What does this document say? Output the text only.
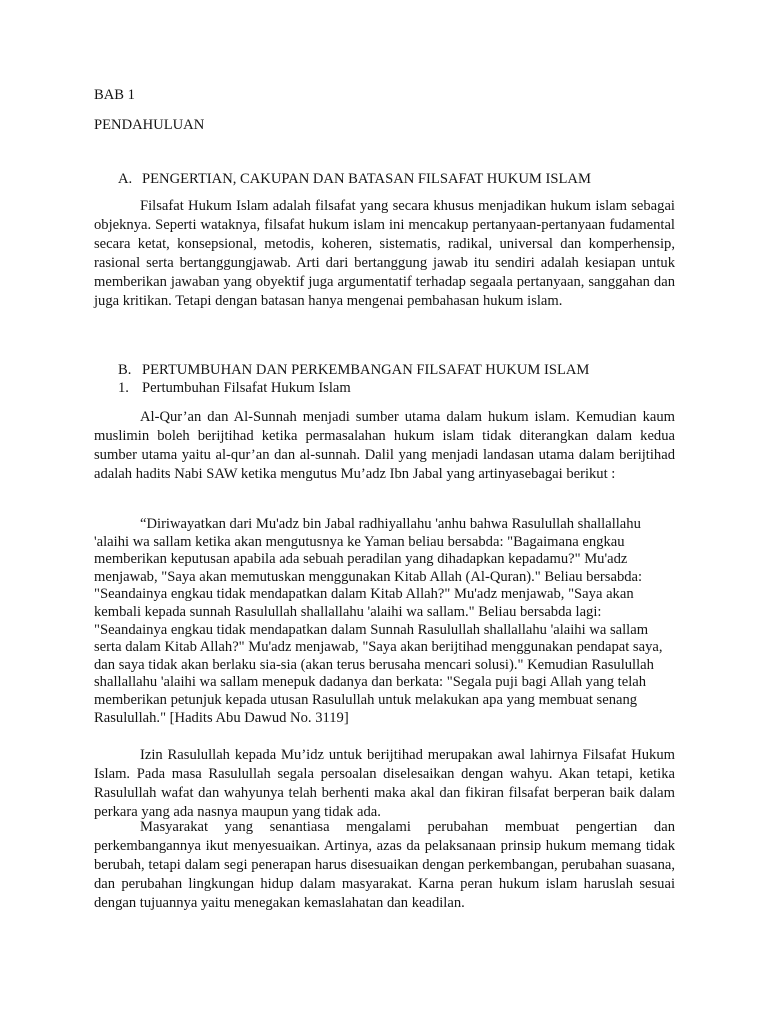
BAB 1

PENDAHULUAN

A. PENGERTIAN, CAKUPAN DAN BATASAN FILSAFAT HUKUM ISLAM

Filsafat Hukum Islam adalah filsafat yang secara khusus menjadikan hukum islam sebagai objeknya. Seperti wataknya, filsafat hukum islam ini mencakup pertanyaan-pertanyaan fudamental secara ketat, konsepsional, metodis, koheren, sistematis, radikal, universal dan komperhensip, rasional serta bertanggungjawab. Arti dari bertanggung jawab itu sendiri adalah kesiapan untuk memberikan jawaban yang obyektif juga argumentatif terhadap segaala pertanyaan, sanggahan dan juga kritikan. Tetapi dengan batasan hanya mengenai pembahasan hukum islam.

B. PERTUMBUHAN DAN PERKEMBANGAN FILSAFAT HUKUM ISLAM

1. Pertumbuhan Filsafat Hukum Islam

Al-Qur’an dan Al-Sunnah menjadi sumber utama dalam hukum islam. Kemudian kaum muslimin boleh berijtihad ketika permasalahan hukum islam tidak diterangkan dalam kedua sumber utama yaitu al-qur’an dan al-sunnah. Dalil yang menjadi landasan utama dalam berijtihad adalah hadits Nabi SAW ketika mengutus Mu’adz Ibn Jabal yang artinyasebagai berikut :

“Diriwayatkan dari Mu'adz bin Jabal radhiyallahu 'anhu bahwa Rasulullah shallallahu 'alaihi wa sallam ketika akan mengutusnya ke Yaman beliau bersabda: "Bagaimana engkau memberikan keputusan apabila ada sebuah peradilan yang dihadapkan kepadamu?" Mu'adz menjawab, "Saya akan memutuskan menggunakan Kitab Allah (Al-Quran)." Beliau bersabda: "Seandainya engkau tidak mendapatkan dalam Kitab Allah?" Mu'adz menjawab, "Saya akan kembali kepada sunnah Rasulullah shallallahu 'alaihi wa sallam." Beliau bersabda lagi: "Seandainya engkau tidak mendapatkan dalam Sunnah Rasulullah shallallahu 'alaihi wa sallam serta dalam Kitab Allah?" Mu'adz menjawab, "Saya akan berijtihad menggunakan pendapat saya, dan saya tidak akan berlaku sia-sia (akan terus berusaha mencari solusi)." Kemudian Rasulullah shallallahu 'alaihi wa sallam menepuk dadanya dan berkata: "Segala puji bagi Allah yang telah memberikan petunjuk kepada utusan Rasulullah untuk melakukan apa yang membuat senang Rasulullah." [Hadits Abu Dawud No. 3119]

Izin Rasulullah kepada Mu’idz untuk berijtihad merupakan awal lahirnya Filsafat Hukum Islam. Pada masa Rasulullah segala persoalan diselesaikan dengan wahyu. Akan tetapi, ketika Rasulullah wafat dan wahyunya telah berhenti maka akal dan fikiran filsafat berperan baik dalam perkara yang ada nasnya maupun yang tidak ada.

Masyarakat yang senantiasa mengalami perubahan membuat pengertian dan perkembangannya ikut menyesuaikan. Artinya, azas da pelaksanaan prinsip hukum memang tidak berubah, tetapi dalam segi penerapan harus disesuaikan dengan perkembangan, perubahan suasana, dan perubahan lingkungan hidup dalam masyarakat. Karna peran hukum islam haruslah sesuai dengan tujuannya yaitu menegakan kemaslahatan dan keadilan.
